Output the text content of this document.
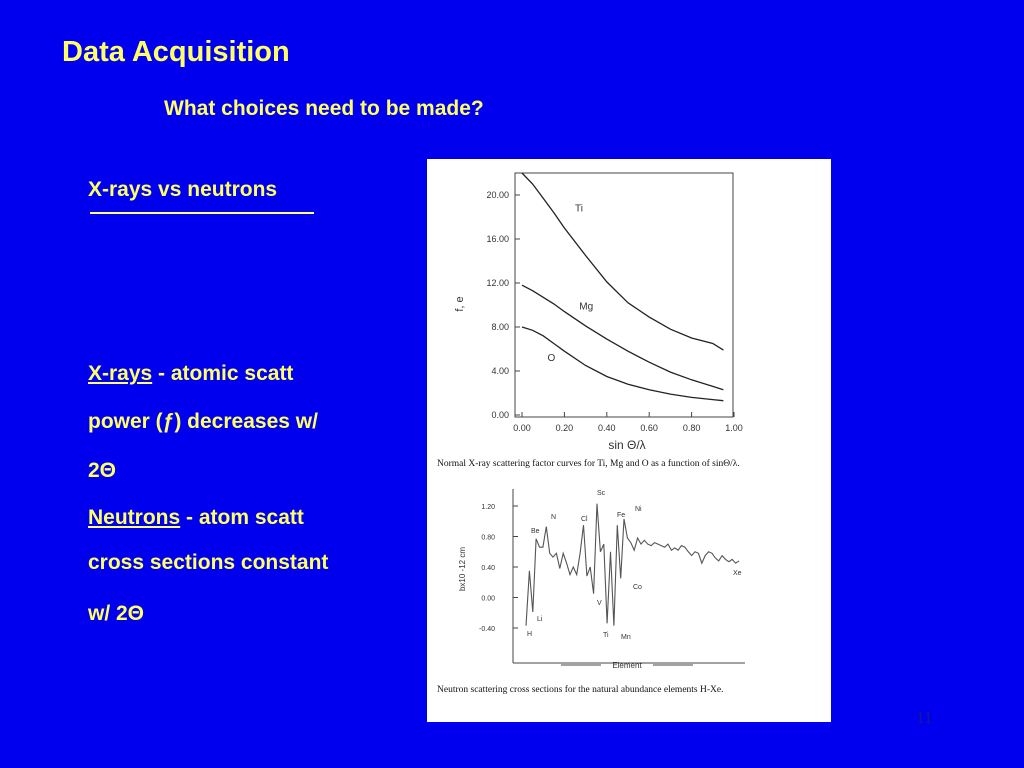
Data Acquisition
What choices need to be made?
X-rays vs neutrons
X-rays - atomic scatt
power (ƒ) decreases w/
2Θ
Neutrons - atom scatt
cross sections constant
w/ 2Θ
0.00
4.00
8.00
12.00
16.00
20.00
0.00	0.20	0.40	0.60	0.80	1.00
sin Θ/λ
f, e
Ti
Mg
O
Normal X-ray scattering factor curves for Ti, Mg and O as a function of sinΘ/λ.
-0.40
0.00
0.40
0.80
1.20
bx10 -12 cm
H
Li
Be
N	Cl
Sc
Fe
Ni
Ti Mn
V
Co
Xe
Element
Neutron scattering cross sections for the natural abundance elements H-Xe.
11
